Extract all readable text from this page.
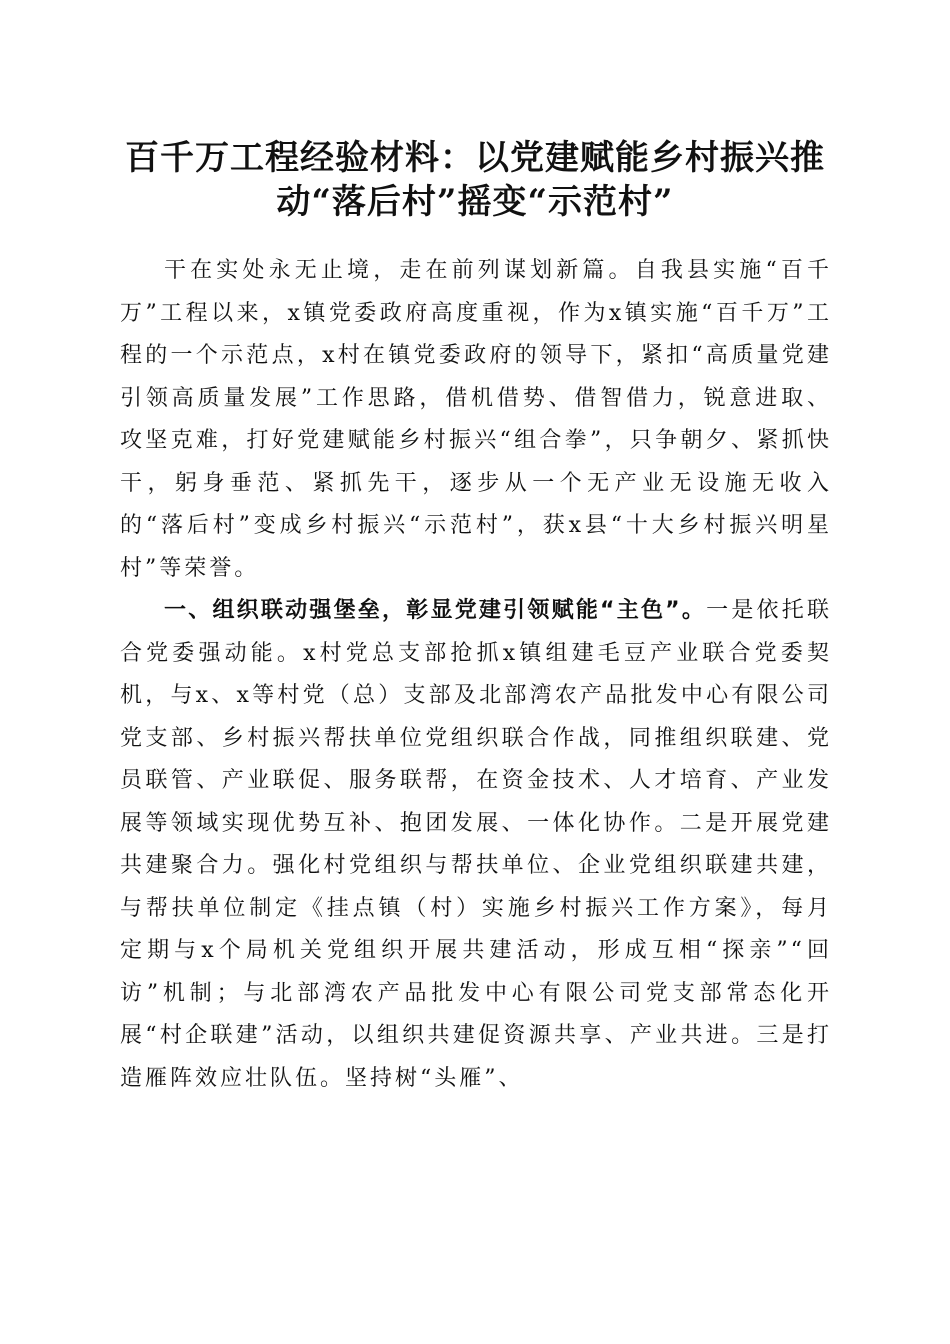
百千万工程经验材料：以党建赋能乡村振兴推
动“落后村”摇变“示范村”

干在实处永无止境，走在前列谋划新篇。自我县实施“百千万”工程以来，x镇党委政府高度重视，作为x镇实施“百千万”工程的一个示范点，x村在镇党委政府的领导下，紧扣“高质量党建引领高质量发展”工作思路，借机借势、借智借力，锐意进取、攻坚克难，打好党建赋能乡村振兴“组合拳”，只争朝夕、紧抓快干，躬身垂范、紧抓先干，逐步从一个无产业无设施无收入的“落后村”变成乡村振兴“示范村”，获x县“十大乡村振兴明星村”等荣誉。

一、组织联动强堡垒，彰显党建引领赋能“主色”。一是依托联合党委强动能。x村党总支部抢抓x镇组建毛豆产业联合党委契机，与x、x等村党（总）支部及北部湾农产品批发中心有限公司党支部、乡村振兴帮扶单位党组织联合作战，同推组织联建、党员联管、产业联促、服务联帮，在资金技术、人才培育、产业发展等领域实现优势互补、抱团发展、一体化协作。二是开展党建共建聚合力。强化村党组织与帮扶单位、企业党组织联建共建，与帮扶单位制定《挂点镇（村）实施乡村振兴工作方案》，每月定期与x个局机关党组织开展共建活动，形成互相“探亲”“回访”机制；与北部湾农产品批发中心有限公司党支部常态化开展“村企联建”活动，以组织共建促资源共享、产业共进。三是打造雁阵效应壮队伍。坚持树“头雁”、
